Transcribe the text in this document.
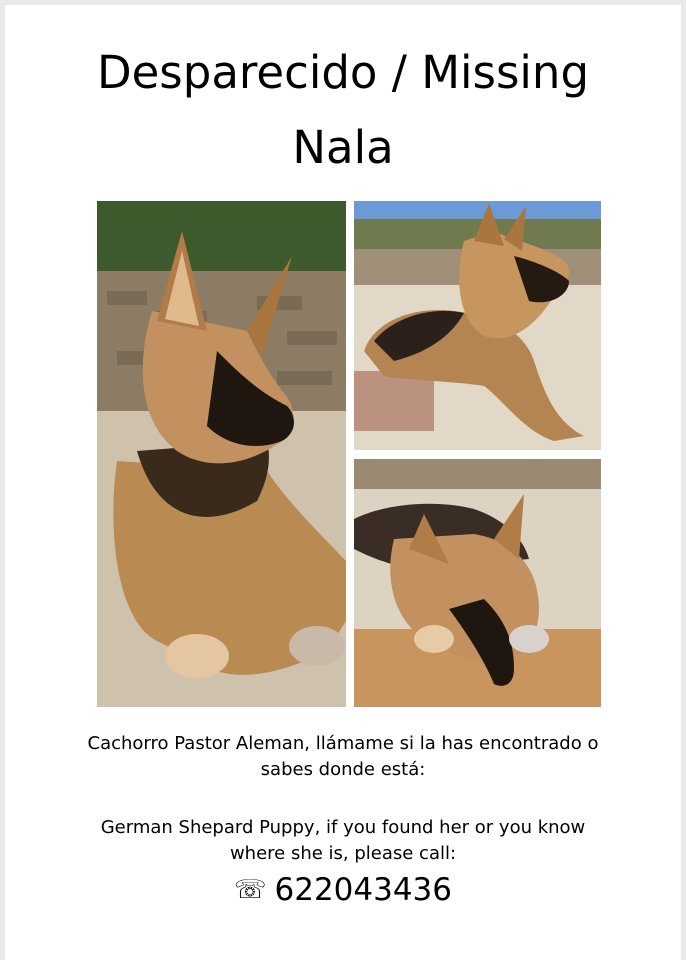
Desparecido / Missing
Nala
Cachorro Pastor Aleman, llámame si la has encontrado o
sabes donde está:
German Shepard Puppy, if you found her or you know
where she is, please call:
☏ 622043436
